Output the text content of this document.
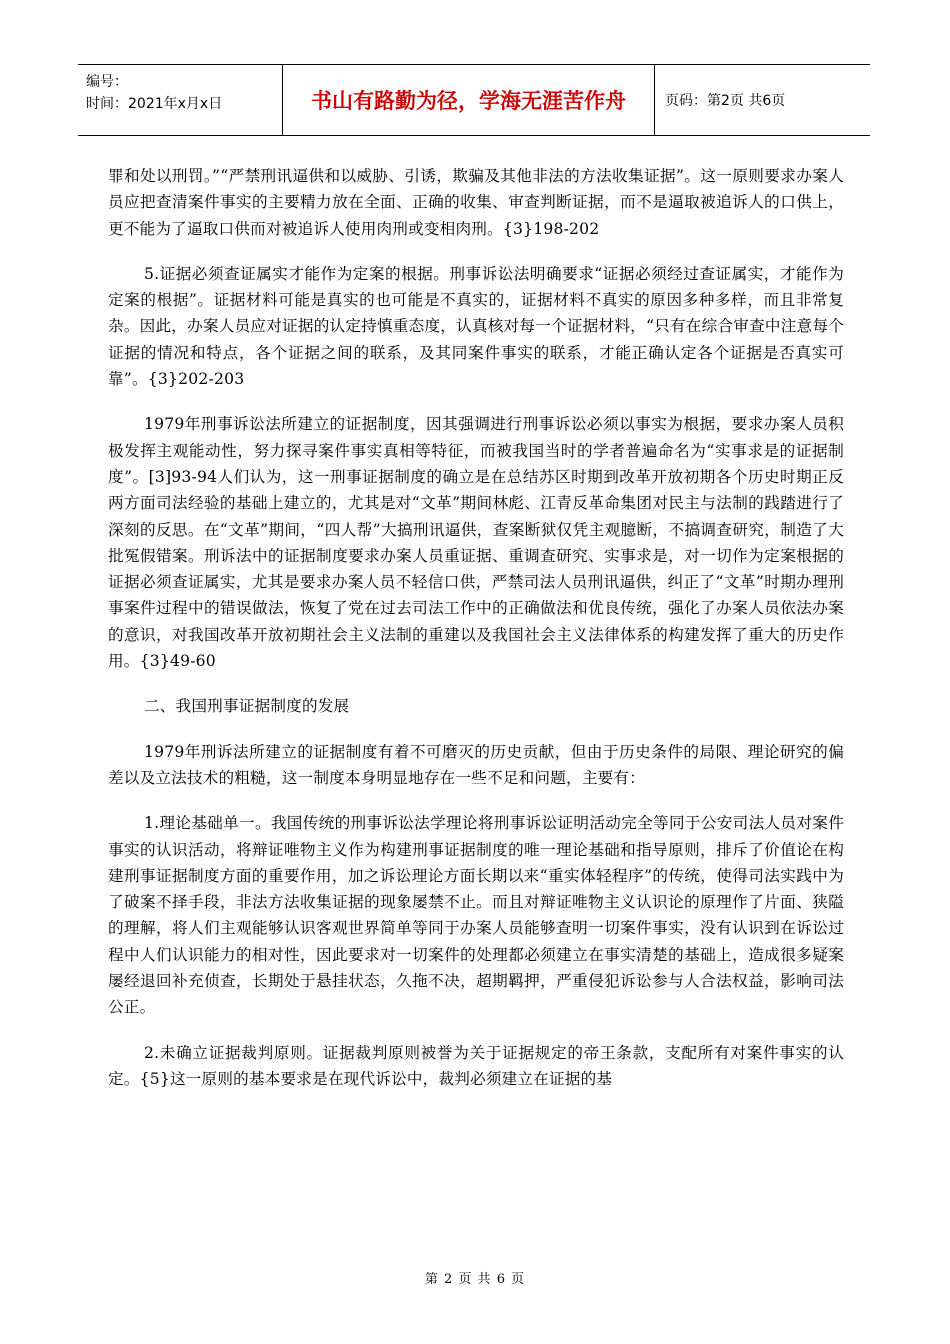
编号：
时间：2021年x月x日	书山有路勤为径，学海无涯苦作舟	页码：第2页 共6页

罪和处以刑罚。”“严禁刑讯逼供和以威胁、引诱，欺骗及其他非法的方法收集证据”。这一原则要求办案人员应把查清案件事实的主要精力放在全面、正确的收集、审查判断证据，而不是逼取被追诉人的口供上，更不能为了逼取口供而对被追诉人使用肉刑或变相肉刑。{3}198-202

5.证据必须查证属实才能作为定案的根据。刑事诉讼法明确要求“证据必须经过查证属实，才能作为定案的根据”。证据材料可能是真实的也可能是不真实的，证据材料不真实的原因多种多样，而且非常复杂。因此，办案人员应对证据的认定持慎重态度，认真核对每一个证据材料，“只有在综合审查中注意每个证据的情况和特点，各个证据之间的联系，及其同案件事实的联系，才能正确认定各个证据是否真实可靠”。{3}202-203

1979年刑事诉讼法所建立的证据制度，因其强调进行刑事诉讼必须以事实为根据，要求办案人员积极发挥主观能动性，努力探寻案件事实真相等特征，而被我国当时的学者普遍命名为“实事求是的证据制度”。[3]93-94人们认为，这一刑事证据制度的确立是在总结苏区时期到改革开放初期各个历史时期正反两方面司法经验的基础上建立的，尤其是对“文革”期间林彪、江青反革命集团对民主与法制的践踏进行了深刻的反思。在“文革”期间，“四人帮”大搞刑讯逼供，查案断狱仅凭主观臆断，不搞调查研究，制造了大批冤假错案。刑诉法中的证据制度要求办案人员重证据、重调查研究、实事求是，对一切作为定案根据的证据必须查证属实，尤其是要求办案人员不轻信口供，严禁司法人员刑讯逼供，纠正了“文革”时期办理刑事案件过程中的错误做法，恢复了党在过去司法工作中的正确做法和优良传统，强化了办案人员依法办案的意识，对我国改革开放初期社会主义法制的重建以及我国社会主义法律体系的构建发挥了重大的历史作用。{3}49-60

二、我国刑事证据制度的发展

1979年刑诉法所建立的证据制度有着不可磨灭的历史贡献，但由于历史条件的局限、理论研究的偏差以及立法技术的粗糙，这一制度本身明显地存在一些不足和问题，主要有：

1.理论基础单一。我国传统的刑事诉讼法学理论将刑事诉讼证明活动完全等同于公安司法人员对案件事实的认识活动，将辩证唯物主义作为构建刑事证据制度的唯一理论基础和指导原则，排斥了价值论在构建刑事证据制度方面的重要作用，加之诉讼理论方面长期以来“重实体轻程序”的传统，使得司法实践中为了破案不择手段，非法方法收集证据的现象屡禁不止。而且对辩证唯物主义认识论的原理作了片面、狭隘的理解，将人们主观能够认识客观世界简单等同于办案人员能够查明一切案件事实，没有认识到在诉讼过程中人们认识能力的相对性，因此要求对一切案件的处理都必须建立在事实清楚的基础上，造成很多疑案屡经退回补充侦查，长期处于悬挂状态，久拖不决，超期羁押，严重侵犯诉讼参与人合法权益，影响司法公正。

2.未确立证据裁判原则。证据裁判原则被誉为关于证据规定的帝王条款，支配所有对案件事实的认定。{5}这一原则的基本要求是在现代诉讼中，裁判必须建立在证据的基

第 2 页 共 6 页
